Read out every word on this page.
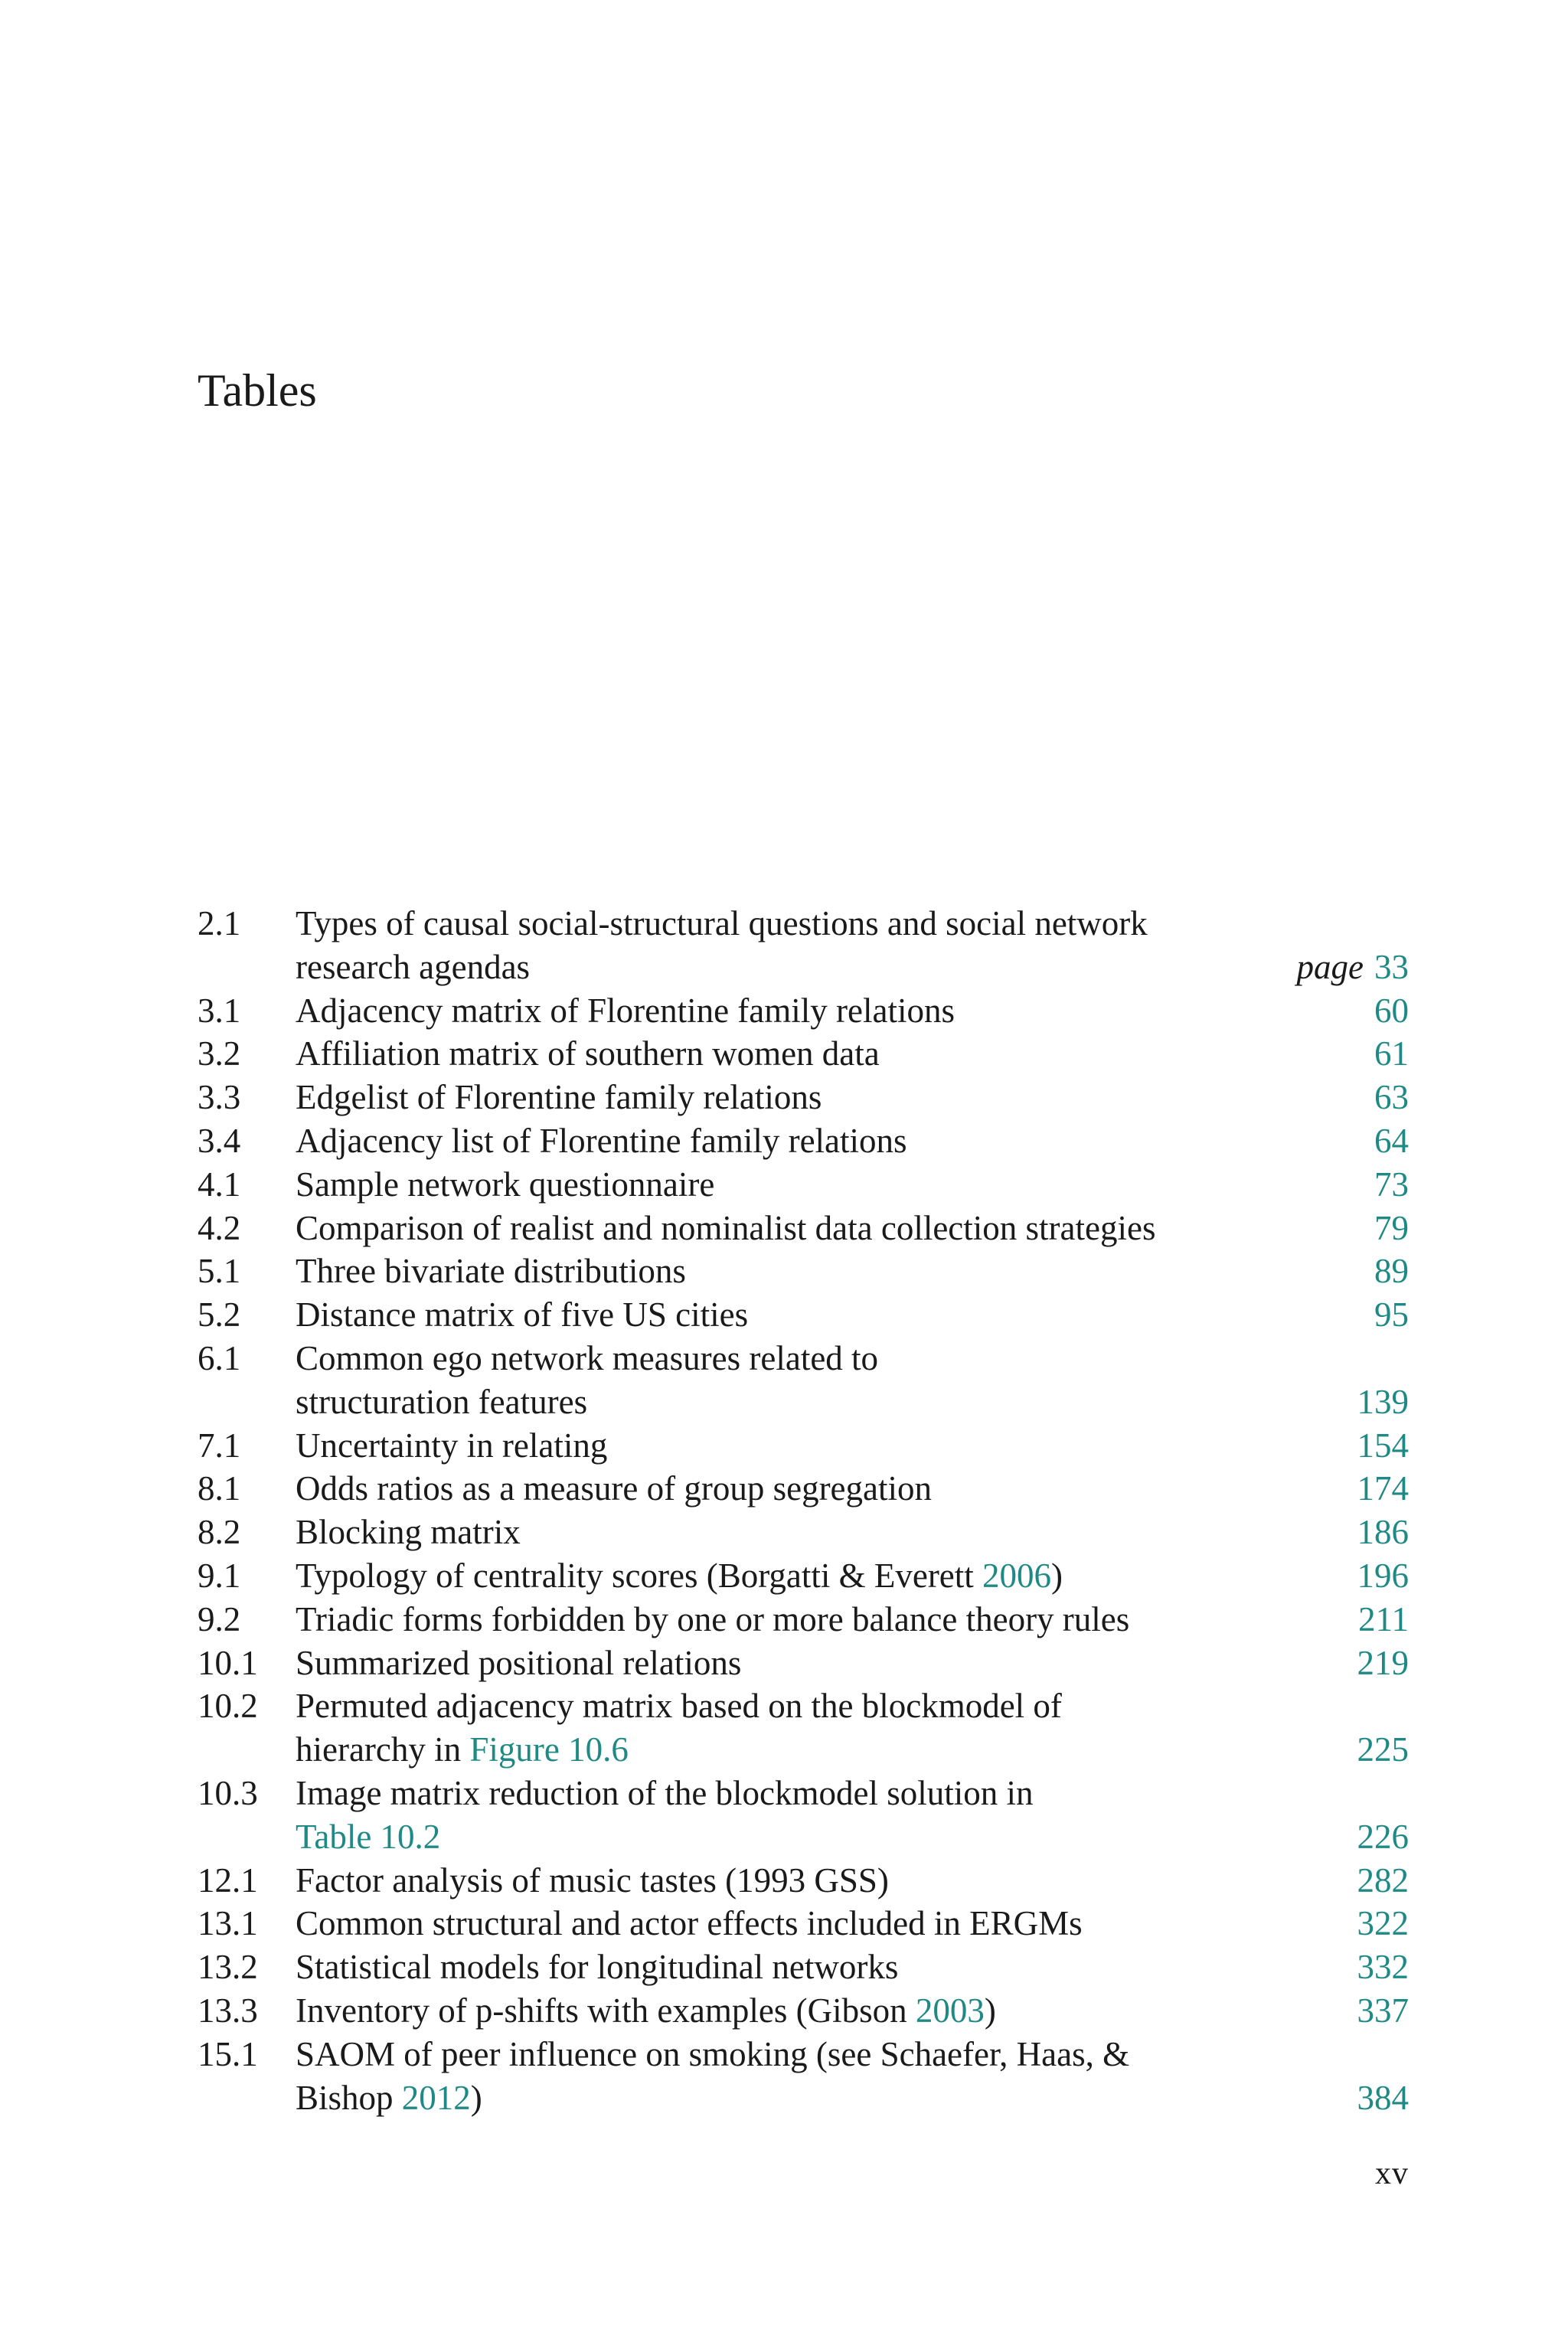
Tables
2.1	Types of causal social-structural questions and social network
research agendas	page 33
3.1	Adjacency matrix of Florentine family relations	60
3.2	Affiliation matrix of southern women data	61
3.3	Edgelist of Florentine family relations	63
3.4	Adjacency list of Florentine family relations	64
4.1	Sample network questionnaire	73
4.2	Comparison of realist and nominalist data collection strategies	79
5.1	Three bivariate distributions	89
5.2	Distance matrix of five US cities	95
6.1	Common ego network measures related to
structuration features	139
7.1	Uncertainty in relating	154
8.1	Odds ratios as a measure of group segregation	174
8.2	Blocking matrix	186
9.1	Typology of centrality scores (Borgatti & Everett 2006)	196
9.2	Triadic forms forbidden by one or more balance theory rules	211
10.1	Summarized positional relations	219
10.2	Permuted adjacency matrix based on the blockmodel of
hierarchy in Figure 10.6	225
10.3	Image matrix reduction of the blockmodel solution in
Table 10.2	226
12.1	Factor analysis of music tastes (1993 GSS)	282
13.1	Common structural and actor effects included in ERGMs	322
13.2	Statistical models for longitudinal networks	332
13.3	Inventory of p-shifts with examples (Gibson 2003)	337
15.1	SAOM of peer influence on smoking (see Schaefer, Haas, &
Bishop 2012)	384
xv
